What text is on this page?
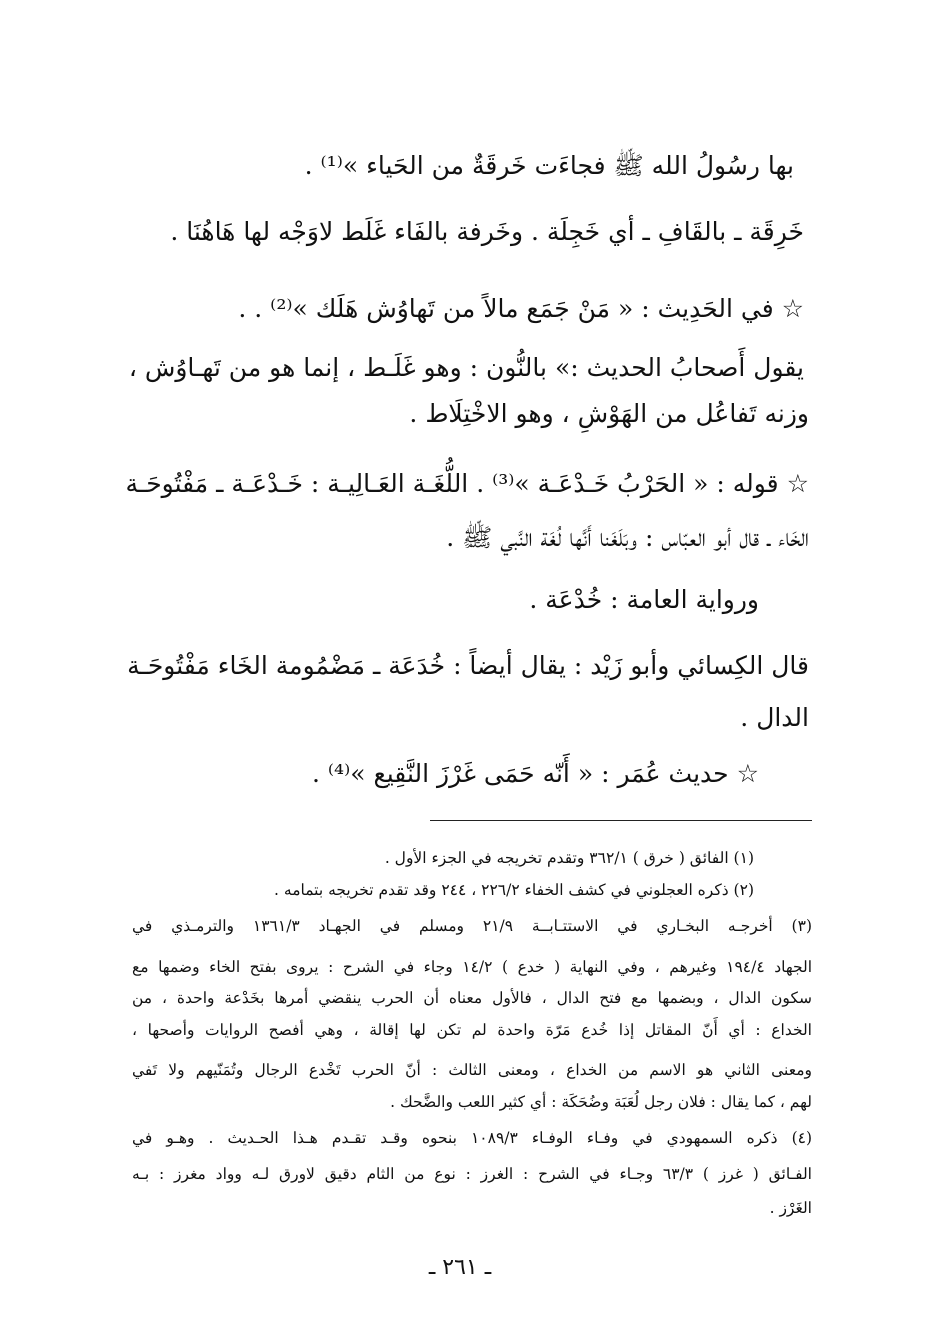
بها رسُولُ الله ﷺ فجاءَت خَرقَةٌ من الحَياء »⁽¹⁾ .
خَرِقَة ـ بالقَافِ ـ أي خَجِلَة . وخَرفة بالفَاء غَلَط لاوَجْه لها هَاهُنَا .
☆ في الحَدِيث : « مَنْ جَمَع مالاً من تَهاوُش هَلَك »⁽²⁾ . .
يقول أَصحابُ الحديث :» بالنُّون : وهو غَلَـط ، إنما هو من تَهـاوُش ،
وزنه تَفاعُل من الهَوْشِ ، وهو الاخْتِلَاط .
☆ قوله : « الحَرْبُ خَـدْعَـة »⁽³⁾ . اللُّغَـة العَـالِيـة : خَـدْعَـة ـ مَفْتُوحَـة
الخَاء ـ قال أبو العبّاس : وبَلَغَنا أَنَّها لُغَة النَّبي ﷺ .
ورواية العامة : خُدْعَة .
قال الكِسائي وأبو زَيْد : يقال أيضاً : خُدَعَة ـ مَضْمُومة الخَاء مَفْتُوحَـة
الدال .
☆ حديث عُمَر : « أَنّه حَمَى غَرْزَ النَّقِيع »⁽⁴⁾ .
(١) الفائق ( خرق ) ٣٦٢/١ وتقدم تخريجه في الجزء الأول .
(٢) ذكره العجلوني في كشف الخفاء ٢٢٦/٢ ، ٢٤٤ وقد تقدم تخريجه بتمامه .
(٣) أخرجـه البخـاري في الاستتـابــة ٢١/٩ ومسلم في الجهـاد ١٣٦١/٣ والترمـذي في
الجهاد ١٩٤/٤ وغيرهم ، وفي النهاية ( خدع ) ١٤/٢ وجاء في الشرح : يروى بفتح الخاء وضمها مع
سكون الدال ، وبضمها مع فتح الدال ، فالأول معناه أن الحرب ينقضي أمرها بخَدْعة واحدة ، من
الخداع : أي أَنّ المقاتل إذا خُدع مَرّة واحدة لم تكن لها إقالة ، وهي أفصح الروايات وأصحها ،
ومعنى الثاني هو الاسم من الخداع ، ومعنى الثالث : أنّ الحرب تَخْدع الرجال وتُمَنّيهم ولا تَفي
لهم ، كما يقال : فلان رجل لُعَبَة وضُحَكَة : أي كثير اللعب والضَّحك .
(٤) ذكره السمهودي في وفـاء الوفـاء ١٠٨٩/٣ بنحوه وقـد تقـدم هـذا الحـديث . وهـو في
الفـائق ( غرز ) ٦٣/٣ وجـاء في الشرح : الغرز : نوع من الثام دقيق لاورق لـه وواد مغرز : بـه
الغَرْز .
ـ ٢٦١ ـ
